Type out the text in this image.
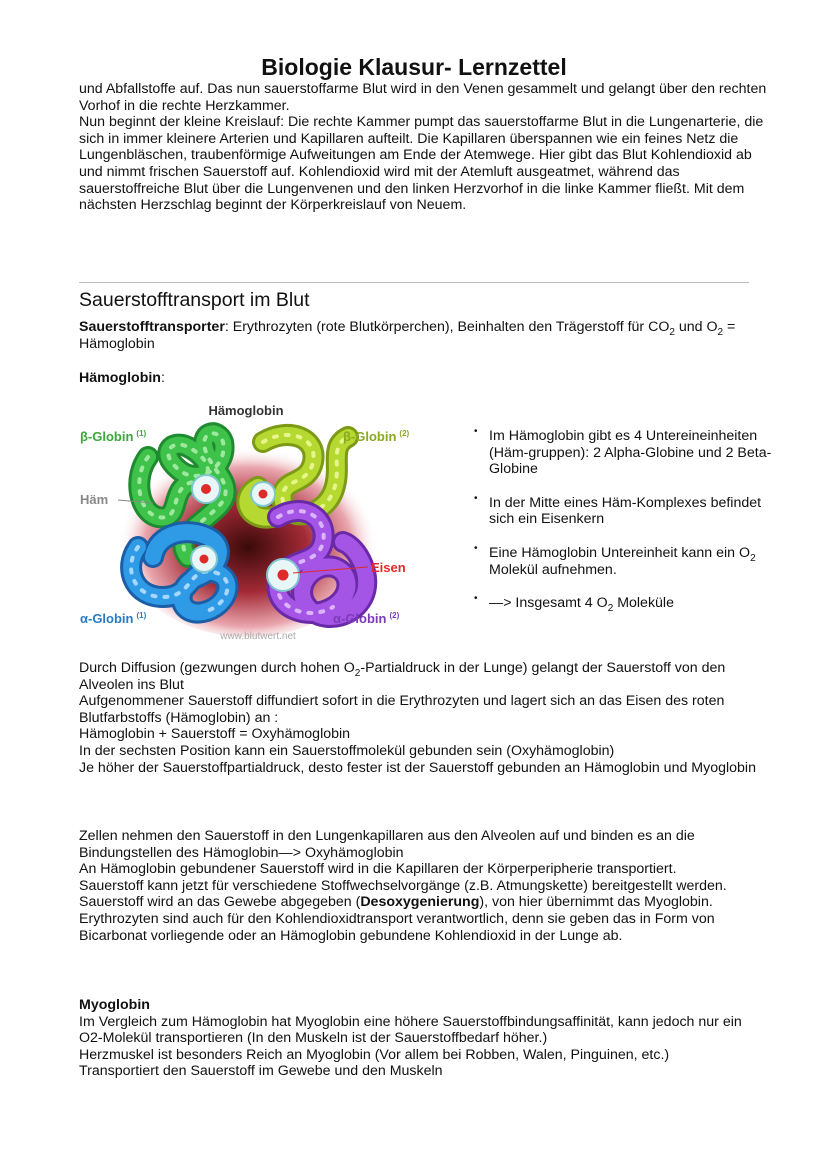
Biologie Klausur- Lernzettel

und Abfallstoffe auf. Das nun sauerstoffarme Blut wird in den Venen gesammelt und gelangt über den rechten Vorhof in die rechte Herzkammer.

Nun beginnt der kleine Kreislauf: Die rechte Kammer pumpt das sauerstoffarme Blut in die Lungenarterie, die sich in immer kleinere Arterien und Kapillaren aufteilt. Die Kapillaren überspannen wie ein feines Netz die Lungenbläschen, traubenförmige Aufweitungen am Ende der Atemwege. Hier gibt das Blut Kohlendioxid ab und nimmt frischen Sauerstoff auf. Kohlendioxid wird mit der Atemluft ausgeatmet, während das sauerstoffreiche Blut über die Lungenvenen und den linken Herzvorhof in die linke Kammer fließt. Mit dem nächsten Herzschlag beginnt der Körperkreislauf von Neuem.

Sauerstofftransport im Blut

Sauerstofftransporter: Erythrozyten (rote Blutkörperchen), Beinhalten den Trägerstoff für $CO_2$ und $O_2$ = Hämoglobin

Hämoglobin:

Hämoglobin
β-Globin $^{(1)}$	β-Globin $^{(2)}$
Häm
Eisen
α-Globin $^{(1)}$	α-Globin $^{(2)}$
www.blutwert.net
• Im Hämoglobin gibt es 4 Untereineinheiten (Häm-gruppen): 2 Alpha-Globine und 2 Beta-Globine
• In der Mitte eines Häm-Komplexes befindet sich ein Eisenkern
• Eine Hämoglobin Untereinheit kann ein $O_2$ Molekül aufnehmen.
• —> Insgesamt 4 $O_2$ Moleküle

Durch Diffusion (gezwungen durch hohen $O_2$-Partialdruck in der Lunge) gelangt der Sauerstoff von den Alveolen ins Blut

Aufgenommener Sauerstoff diffundiert sofort in die Erythrozyten und lagert sich an das Eisen des roten Blutfarbstoffs (Hämoglobin) an :

Hämoglobin + Sauerstoff = Oxyhämoglobin

In der sechsten Position kann ein Sauerstoffmolekül gebunden sein (Oxyhämoglobin)

Je höher der Sauerstoffpartialdruck, desto fester ist der Sauerstoff gebunden an Hämoglobin und Myoglobin

Zellen nehmen den Sauerstoff in den Lungenkapillaren aus den Alveolen auf und binden es an die Bindungstellen des Hämoglobin—> Oxyhämoglobin

An Hämoglobin gebundener Sauerstoff wird in die Kapillaren der Körperperipherie transportiert.

Sauerstoff kann jetzt für verschiedene Stoffwechselvorgänge (z.B. Atmungskette) bereitgestellt werden.

Sauerstoff wird an das Gewebe abgegeben (Desoxygenierung), von hier übernimmt das Myoglobin.

Erythrozyten sind auch für den Kohlendioxidtransport verantwortlich, denn sie geben das in Form von Bicarbonat vorliegende oder an Hämoglobin gebundene Kohlendioxid in der Lunge ab.

Myoglobin

Im Vergleich zum Hämoglobin hat Myoglobin eine höhere Sauerstoffbindungsaffinität, kann jedoch nur ein O2-Molekül transportieren (In den Muskeln ist der Sauerstoffbedarf höher.)

Herzmuskel ist besonders Reich an Myoglobin (Vor allem bei Robben, Walen, Pinguinen, etc.)

Transportiert den Sauerstoff im Gewebe und den Muskeln
